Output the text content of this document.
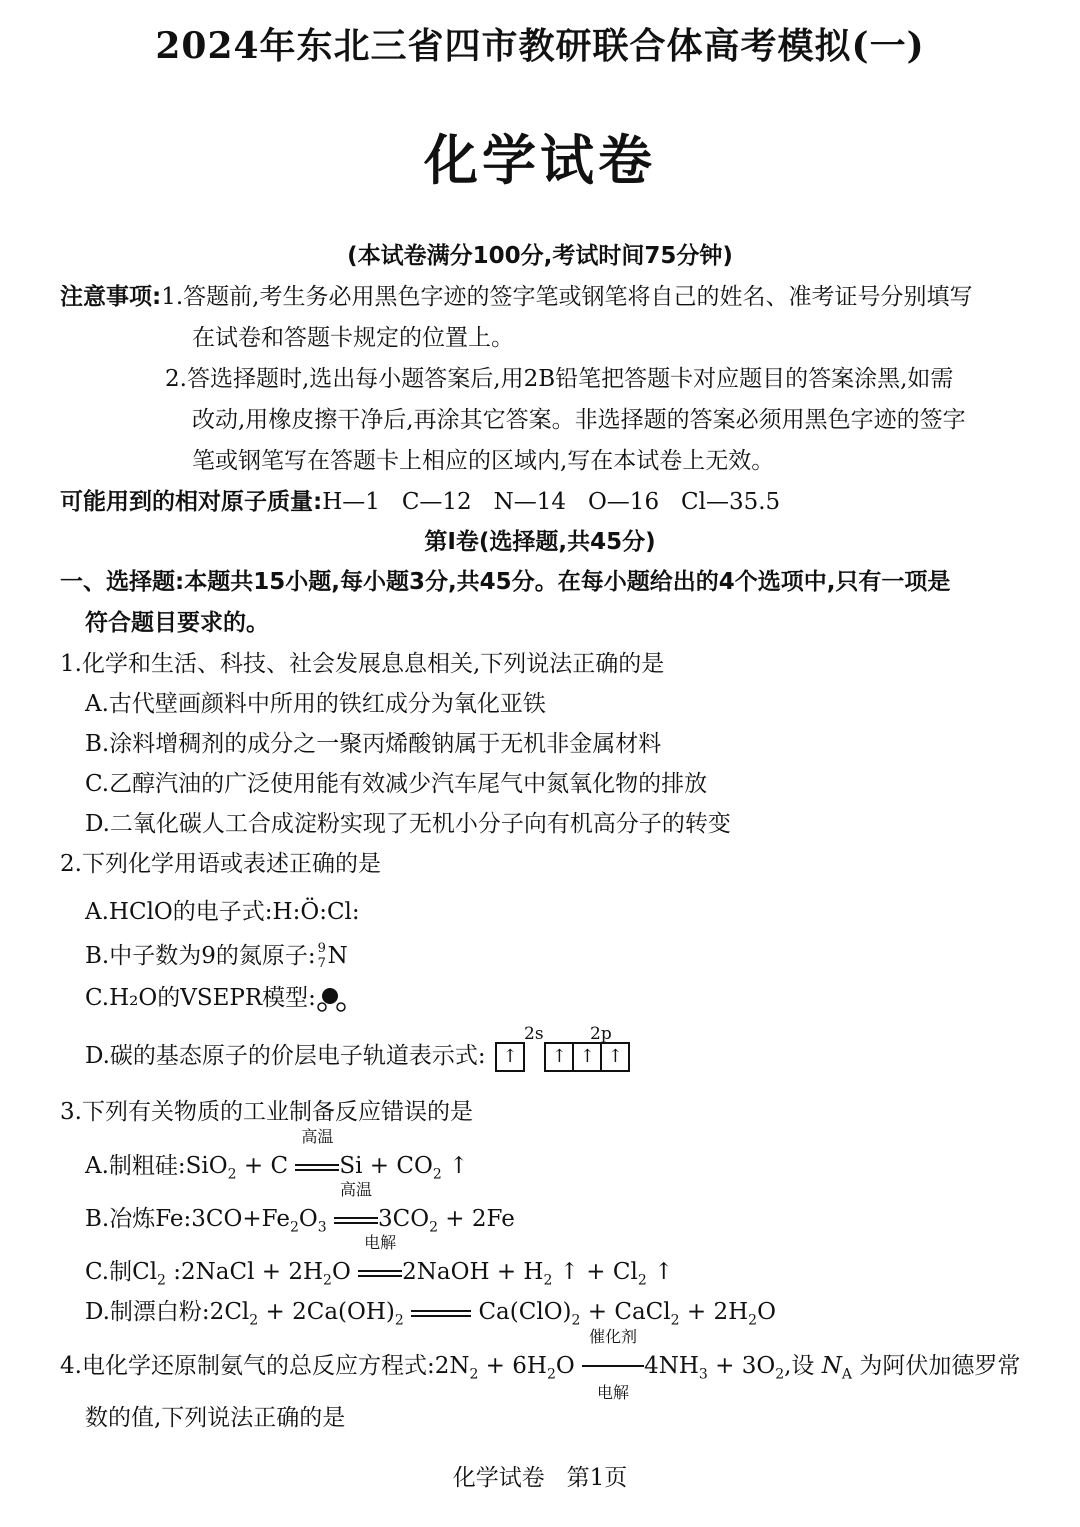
2024年东北三省四市教研联合体高考模拟(一)
化学试卷
(本试卷满分100分,考试时间75分钟)
注意事项:1.答题前,考生务必用黑色字迹的签字笔或钢笔将自己的姓名、准考证号分别填写
在试卷和答题卡规定的位置上。
2.答选择题时,选出每小题答案后,用2B铅笔把答题卡对应题目的答案涂黑,如需
改动,用橡皮擦干净后,再涂其它答案。非选择题的答案必须用黑色字迹的签字
笔或钢笔写在答题卡上相应的区域内,写在本试卷上无效。
可能用到的相对原子质量:H—1   C—12   N—14   O—16   Cl—35.5
第Ⅰ卷(选择题,共45分)
一、选择题:本题共15小题,每小题3分,共45分。在每小题给出的4个选项中,只有一项是
符合题目要求的。
1.化学和生活、科技、社会发展息息相关,下列说法正确的是
A.古代壁画颜料中所用的铁红成分为氧化亚铁
B.涂料增稠剂的成分之一聚丙烯酸钠属于无机非金属材料
C.乙醇汽油的广泛使用能有效减少汽车尾气中氮氧化物的排放
D.二氧化碳人工合成淀粉实现了无机小分子向有机高分子的转变
2.下列化学用语或表述正确的是
A.HClO的电子式:H:Ö:Cl:
B.中子数为9的氮原子: 9
7 N
C.H₂O的VSEPR模型:
2s	2p
D.碳的基态原子的价层电子轨道表示式: ↑
	↑ ↑ ↑
3.下列有关物质的工业制备反应错误的是
A.制粗硅:SiO$_2$ + C
高温
$Si + CO_2$ ↑
B.冶炼$Fe:3CO+Fe_2O_3$
高温
$3CO_2 + 2Fe$
C.制$Cl_2$ :2NaCl + $2H_2O$
电解
2NaOH + $H_2$ ↑ + $Cl_2$ ↑
D.制漂白粉$:2Cl_2 + 2Ca(OH)_2$	$Ca(ClO)_2$ + CaCl$_2$ + $2H_2O$
4.电化学还原制氨气的总反应方程式$:2N_2 + 6H_2O$
催化剂
电解
$4NH_3 + 3O_2$,设 $N_A$ 为阿伏加德罗常
数的值,下列说法正确的是
化学试卷   第1页
